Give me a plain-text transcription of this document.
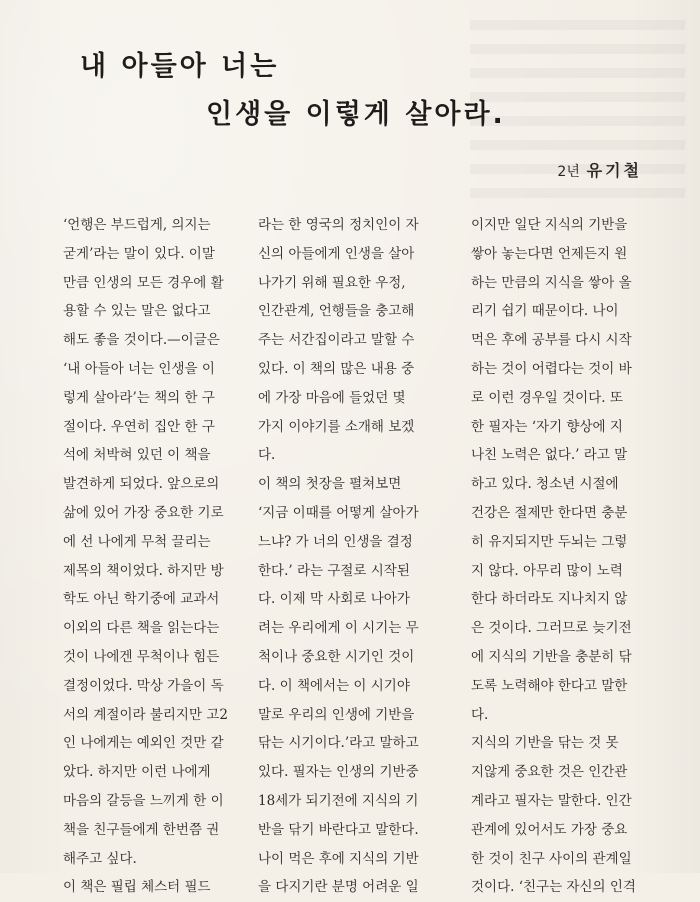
내 아들아 너는
인생을 이렇게 살아라.
2년 유기철
‘언행은 부드럽게, 의지는
굳게’라는 말이 있다. 이말
만큼 인생의 모든 경우에 활
용할 수 있는 말은 없다고
해도 좋을 것이다.—이글은
‘내 아들아 너는 인생을 이
렇게 살아라’는 책의 한 구
절이다. 우연히 집안 한 구
석에 처박혀 있던 이 책을
발견하게 되었다. 앞으로의
삶에 있어 가장 중요한 기로
에 선 나에게 무척 끌리는
제목의 책이었다. 하지만 방
학도 아닌 학기중에 교과서
이외의 다른 책을 읽는다는
것이 나에겐 무척이나 힘든
결정이었다. 막상 가을이 독
서의 계절이라 불리지만 고2
인 나에게는 예외인 것만 같
았다. 하지만 이런 나에게
마음의 갈등을 느끼게 한 이
책을 친구들에게 한번쯤 권
해주고 싶다.
이 책은 필립 체스터 필드
라는 한 영국의 정치인이 자
신의 아들에게 인생을 살아
나가기 위해 필요한 우정,
인간관계, 언행들을 충고해
주는 서간집이라고 말할 수
있다. 이 책의 많은 내용 중
에 가장 마음에 들었던 몇
가지 이야기를 소개해 보겠
다.
이 책의 첫장을 펼쳐보면
‘지금 이때를 어떻게 살아가
느냐? 가 너의 인생을 결정
한다.’ 라는 구절로 시작된
다. 이제 막 사회로 나아가
려는 우리에게 이 시기는 무
척이나 중요한 시기인 것이
다. 이 책에서는 이 시기야
말로 우리의 인생에 기반을
닦는 시기이다.’라고 말하고
있다. 필자는 인생의 기반중
18세가 되기전에 지식의 기
반을 닦기 바란다고 말한다.
나이 먹은 후에 지식의 기반
을 다지기란 분명 어려운 일
이지만 일단 지식의 기반을
쌓아 놓는다면 언제든지 원
하는 만큼의 지식을 쌓아 올
리기 쉽기 때문이다. 나이
먹은 후에 공부를 다시 시작
하는 것이 어렵다는 것이 바
로 이런 경우일 것이다. 또
한 필자는 ‘자기 향상에 지
나친 노력은 없다.’ 라고 말
하고 있다. 청소년 시절에
건강은 절제만 한다면 충분
히 유지되지만 두뇌는 그렇
지 않다. 아무리 많이 노력
한다 하더라도 지나치지 않
은 것이다. 그러므로 늦기전
에 지식의 기반을 충분히 닦
도록 노력해야 한다고 말한
다.
지식의 기반을 닦는 것 못
지않게 중요한 것은 인간관
계라고 필자는 말한다. 인간
관계에 있어서도 가장 중요
한 것이 친구 사이의 관계일
것이다. ‘친구는 자신의 인격
